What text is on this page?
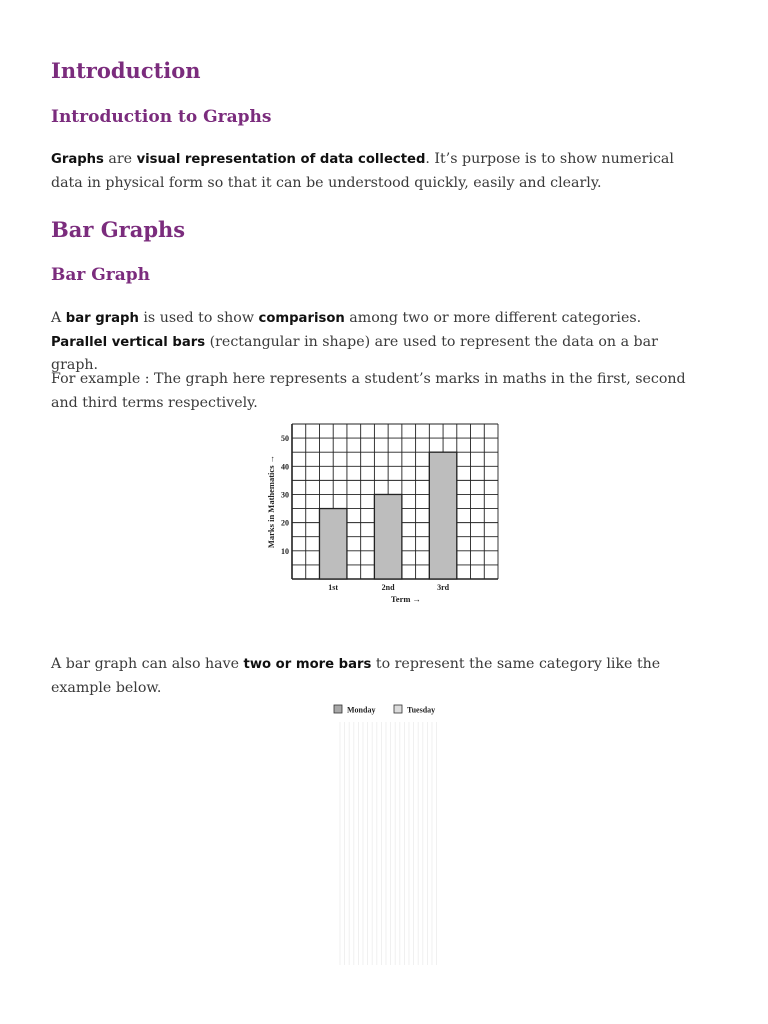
Introduction
Introduction to Graphs

Graphs are visual representation of data collected. It’s purpose is to show numerical data in physical form so that it can be understood quickly, easily and clearly.

Bar Graphs
Bar Graph

A bar graph is used to show comparison among two or more different categories. Parallel vertical bars (rectangular in shape) are used to represent the data on a bar graph.

For example : The graph here represents a student’s marks in maths in the first, second and third terms respectively.

A bar graph can also have two or more bars to represent the same category like the example below.

10
20
30
40
50
1st	2nd	3rd
Marks in Mathematics →
Term →
Monday	Tuesday
